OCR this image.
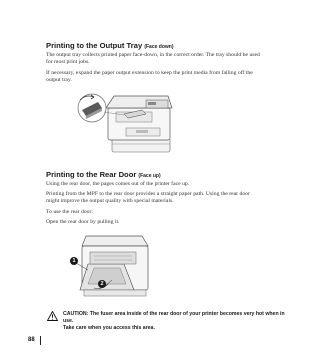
Printing to the Output Tray (Face down)
The output tray collects printed paper face-down, in the correct order. The tray should be used
for most print jobs.
If necessary, expand the paper output extension to keep the print media from falling off the
output tray.
Printing to the Rear Door (Face up)
Using the rear door, the pages comes out of the printer face up.
Printing from the MPF to the rear door provides a straight paper path. Using the rear door
might improve the output quality with special materials.
To use the rear door:
Open the rear door by pulling it.
1
2
CAUTION: The fuser area inside of the rear door of your printer becomes very hot when in use.
Take care when you access this area.
88
